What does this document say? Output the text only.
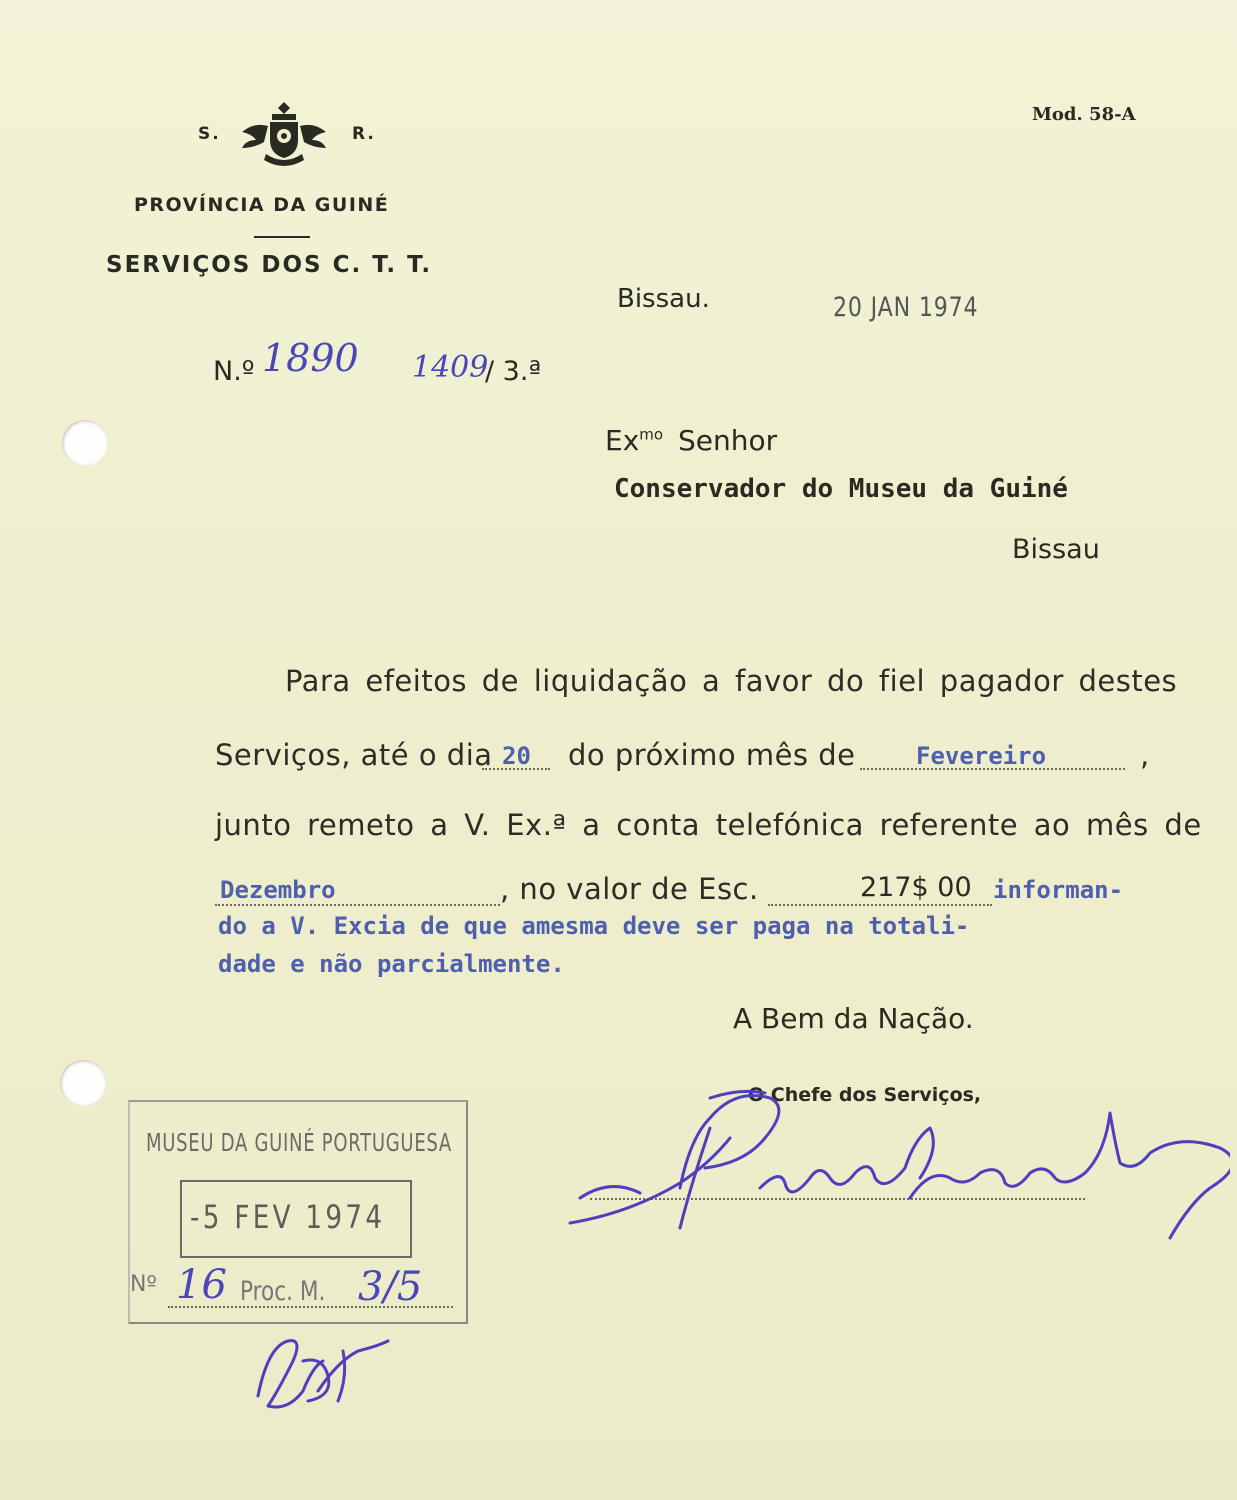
S.	R.
PROVÍNCIA DA GUINÉ
SERVIÇOS DOS C. T. T.
Mod. 58-A
Bissau.	20 JAN 1974
N.º 1890 1409
/ 3.ª
$Ex^{mo}$ Senhor
Conservador do Museu da Guiné
Bissau
Para efeitos de liquidação a favor do fiel pagador destes
Serviços, até o dia 20 do próximo mês de	Fevereiro	,
junto remeto a V. Ex.ª a conta telefónica referente ao mês de
Dezembro	, no valor de Esc.	217$ 00 informan-
do a V. Excia de que amesma deve ser paga na totali-
dade e não parcialmente.
A Bem da Nação.
O Chefe dos Serviços,
MUSEU DA GUINÉ PORTUGUESA
-5 FEV 1974
Nº 16 Proc. M. 3/5
